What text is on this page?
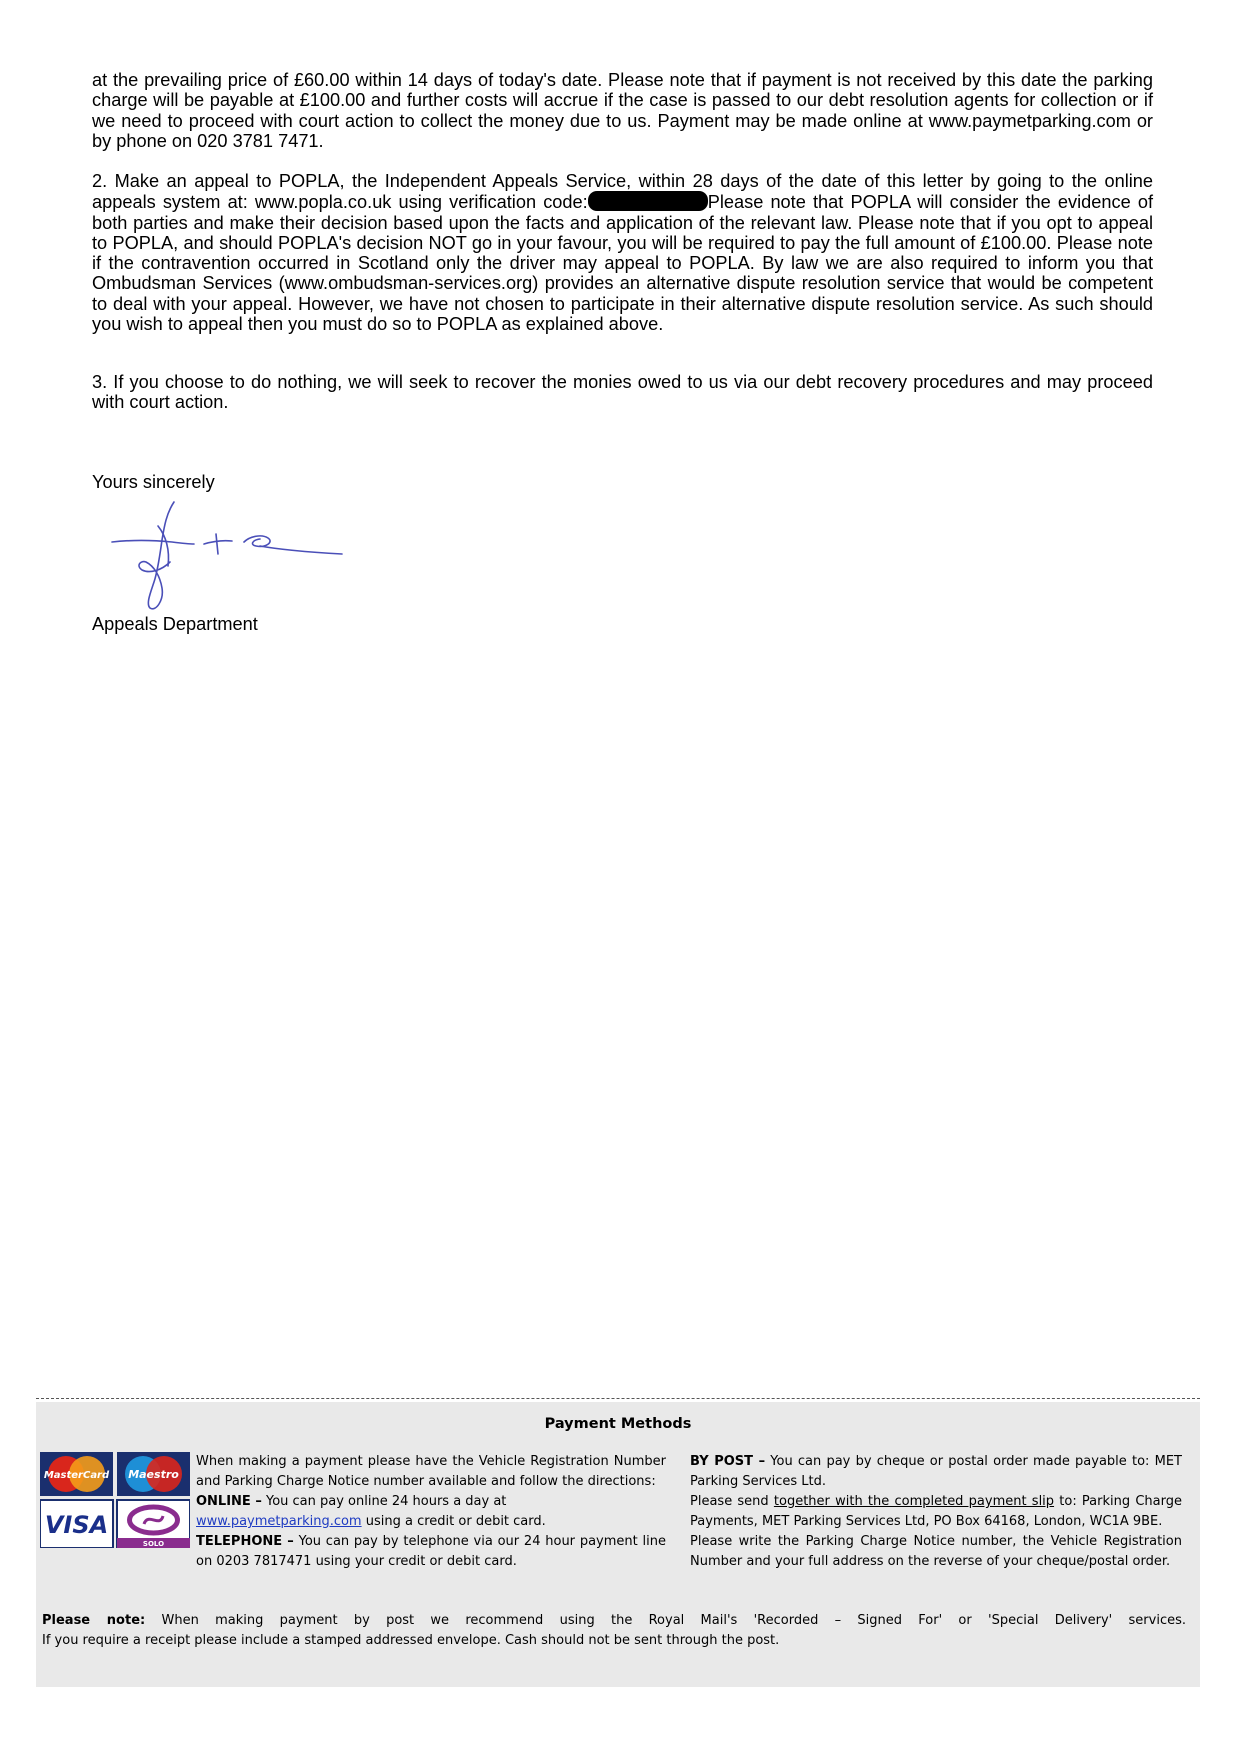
at the prevailing price of £60.00 within 14 days of today's date. Please note that if payment is not received by this date the parking charge will be payable at £100.00 and further costs will accrue if the case is passed to our debt resolution agents for collection or if we need to proceed with court action to collect the money due to us. Payment may be made online at www.paymetparking.com or by phone on 020 3781 7471.

2. Make an appeal to POPLA, the Independent Appeals Service, within 28 days of the date of this letter by going to the online appeals system at: www.popla.co.uk using verification code:	Please note that POPLA will consider the evidence of both parties and make their decision based upon the facts and application of the relevant law. Please note that if you opt to appeal to POPLA, and should POPLA's decision NOT go in your favour, you will be required to pay the full amount of £100.00. Please note if the contravention occurred in Scotland only the driver may appeal to POPLA. By law we are also required to inform you that Ombudsman Services (www.ombudsman-services.org) provides an alternative dispute resolution service that would be competent to deal with your appeal. However, we have not chosen to participate in their alternative dispute resolution service. As such should you wish to appeal then you must do so to POPLA as explained above.

3. If you choose to do nothing, we will seek to recover the monies owed to us via our debt recovery procedures and may proceed with court action.

Yours sincerely
Appeals Department
Payment Methods
MasterCard Maestro
VISA
SOLO

When making a payment please have the Vehicle Registration Number and Parking Charge Notice number available and follow the directions:

ONLINE – You can pay online 24 hours a day at
www.paymetparking.com using a credit or debit card.

TELEPHONE – You can pay by telephone via our 24 hour payment line on 0203 7817471 using your credit or debit card.

BY POST – You can pay by cheque or postal order made payable to: MET Parking Services Ltd.

Please send together with the completed payment slip to: Parking Charge Payments, MET Parking Services Ltd, PO Box 64168, London, WC1A 9BE.

Please write the Parking Charge Notice number, the Vehicle Registration Number and your full address on the reverse of your cheque/postal order.

Please note: When making payment by post we recommend using the Royal Mail's 'Recorded – Signed For' or 'Special Delivery' services.

If you require a receipt please include a stamped addressed envelope. Cash should not be sent through the post.
